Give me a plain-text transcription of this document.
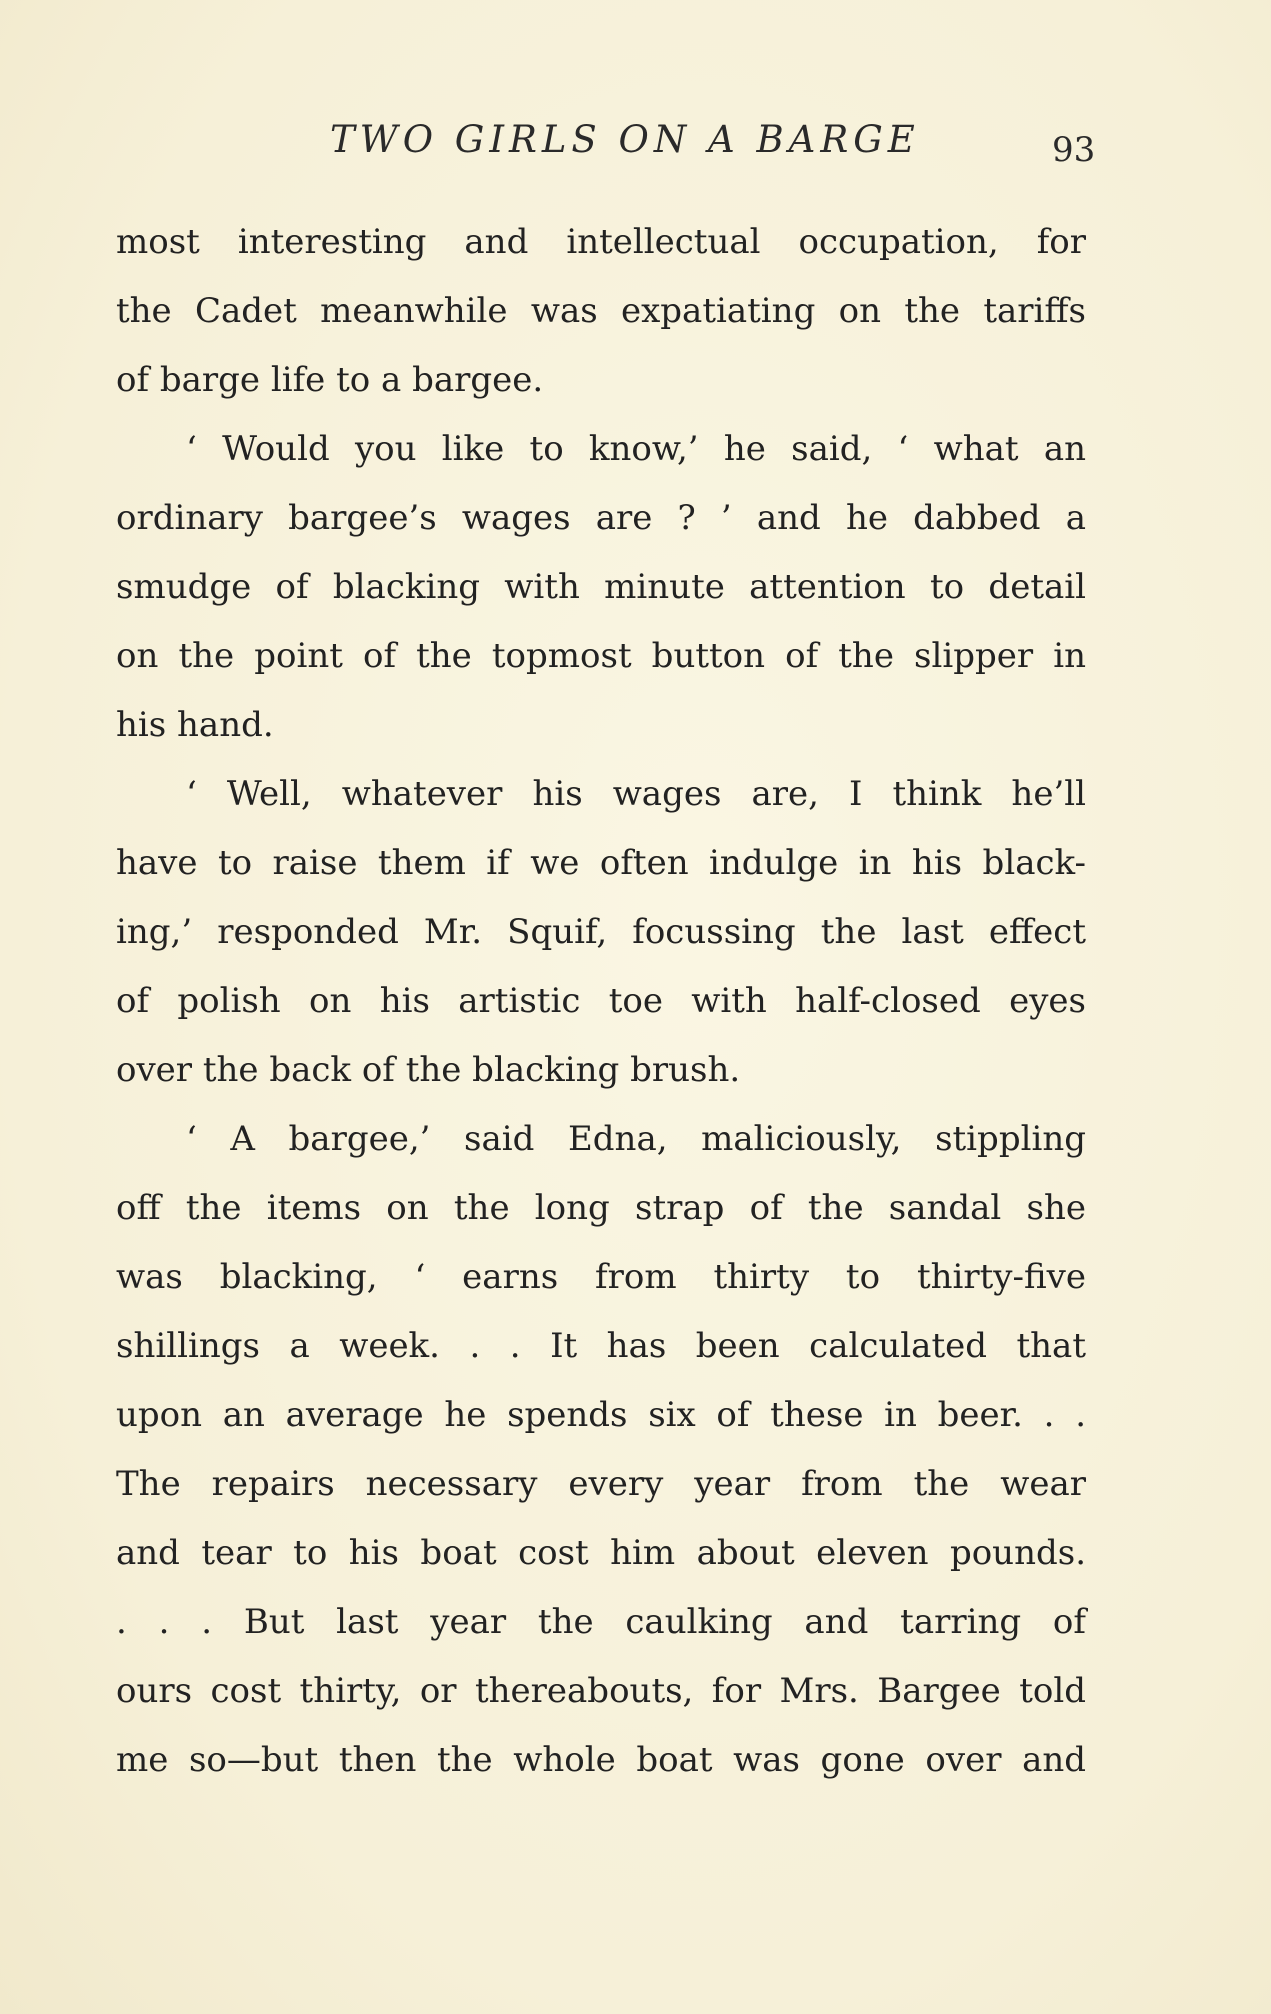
TWO GIRLS ON A BARGE	93
most interesting and intellectual occupation, for
the Cadet meanwhile was expatiating on the tariffs
of barge life to a bargee.
‘ Would you like to know,’ he said, ‘ what an
ordinary bargee’s wages are ? ’ and he dabbed a
smudge of blacking with minute attention to detail
on the point of the topmost button of the slipper in
his hand.
‘ Well, whatever his wages are, I think he’ll
have to raise them if we often indulge in his black-
ing,’ responded Mr. Squif, focussing the last effect
of polish on his artistic toe with half-closed eyes
over the back of the blacking brush.
‘ A bargee,’ said Edna, maliciously, stippling
off the items on the long strap of the sandal she
was blacking, ‘ earns from thirty to thirty-five
shillings a week. . . It has been calculated that
upon an average he spends six of these in beer. . .
The repairs necessary every year from the wear
and tear to his boat cost him about eleven pounds.
. . . But last year the caulking and tarring of
ours cost thirty, or thereabouts, for Mrs. Bargee told
me so—but then the whole boat was gone over and
